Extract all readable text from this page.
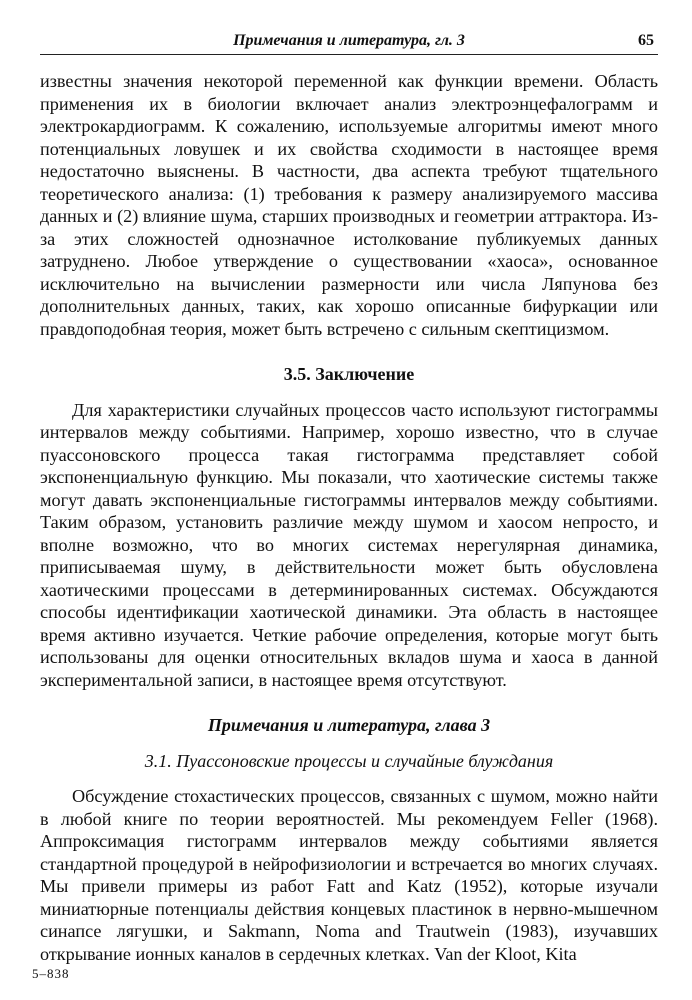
Примечания и литература, гл. 3	65

известны значения некоторой переменной как функции времени. Область применения их в биологии включает анализ электроэнцефалограмм и электрокардиограмм. К сожалению, используемые алгоритмы имеют много потенциальных ловушек и их свойства сходимости в настоящее время недостаточно выяснены. В частности, два аспекта требуют тщательного теоретического анализа: (1) требования к размеру анализируемого массива данных и (2) влияние шума, старших производных и геометрии аттрактора. Из-за этих сложностей однозначное истолкование публикуемых данных затруднено. Любое утверждение о существовании «хаоса», основанное исключительно на вычислении размерности или числа Ляпунова без дополнительных данных, таких, как хорошо описанные бифуркации или правдоподобная теория, может быть встречено с сильным скептицизмом.

3.5. Заключение

Для характеристики случайных процессов часто используют гистограммы интервалов между событиями. Например, хорошо известно, что в случае пуассоновского процесса такая гистограмма представляет собой экспоненциальную функцию. Мы показали, что хаотические системы также могут давать экспоненциальные гистограммы интервалов между событиями. Таким образом, установить различие между шумом и хаосом непросто, и вполне возможно, что во многих системах нерегулярная динамика, приписываемая шуму, в действительности может быть обусловлена хаотическими процессами в детерминированных системах. Обсуждаются способы идентификации хаотической динамики. Эта область в настоящее время активно изучается. Четкие рабочие определения, которые могут быть использованы для оценки относительных вкладов шума и хаоса в данной экспериментальной записи, в настоящее время отсутствуют.

Примечания и литература, глава 3
3.1. Пуассоновские процессы и случайные блуждания

Обсуждение стохастических процессов, связанных с шумом, можно найти в любой книге по теории вероятностей. Мы рекомендуем Feller (1968). Аппроксимация гистограмм интервалов между событиями является стандартной процедурой в нейрофизиологии и встречается во многих случаях. Мы привели примеры из работ Fatt and Katz (1952), которые изучали миниатюрные потенциалы действия концевых пластинок в нервно-мышечном синапсе лягушки, и Sakmann, Noma and Trautwein (1983), изучавших открывание ионных каналов в сердечных клетках. Van der Kloot, Kita

5–838
